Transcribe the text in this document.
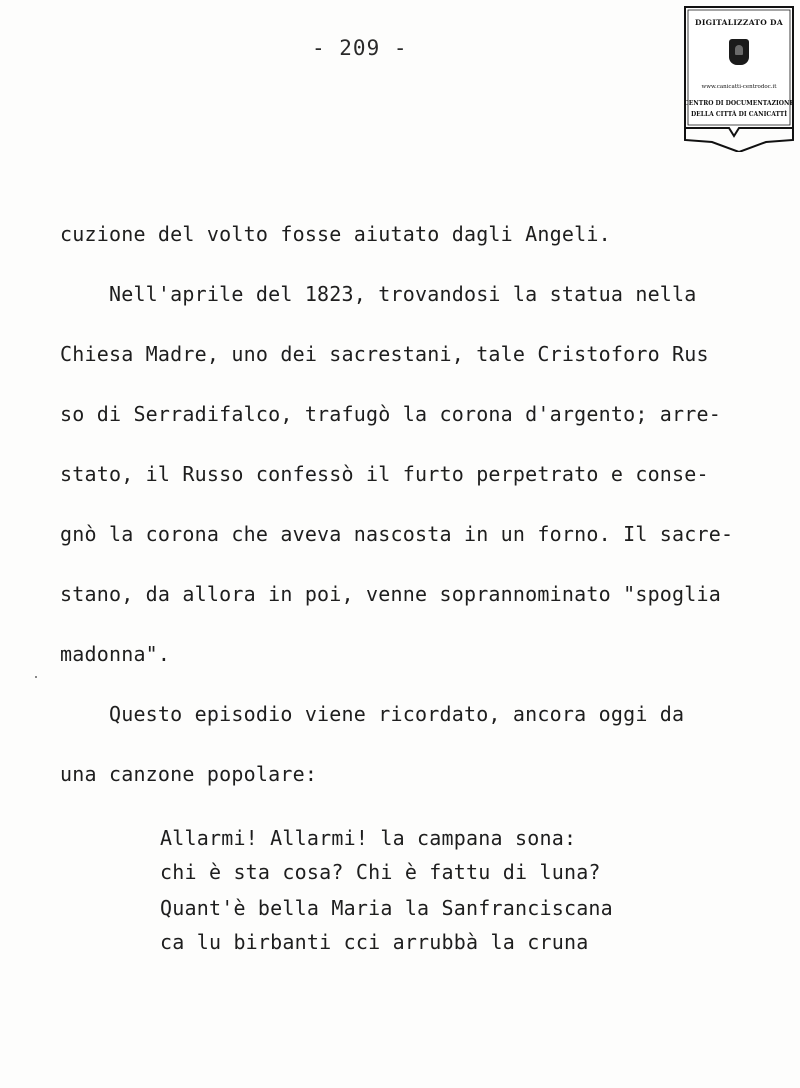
- 209 -
DIGITALIZZATO DA
www.canicatti-centrodoc.it
CENTRO DI DOCUMENTAZIONE
DELLA CITTÀ DI CANICATTÌ
cuzione del volto fosse aiutato dagli Angeli.
Nell'aprile del 1823, trovandosi la statua nella
Chiesa Madre, uno dei sacrestani, tale Cristoforo Rus
so di Serradifalco, trafugò la corona d'argento; arre-
stato, il Russo confessò il furto perpetrato e conse-
gnò la corona che aveva nascosta in un forno. Il sacre-
stano, da allora in poi, venne soprannominato "spoglia
madonna".
Questo episodio viene ricordato, ancora oggi da
una canzone popolare:
Allarmi! Allarmi! la campana sona:
chi è sta cosa? Chi è fattu di luna?
Quant'è bella Maria la Sanfranciscana
ca lu birbanti cci arrubbà la cruna
